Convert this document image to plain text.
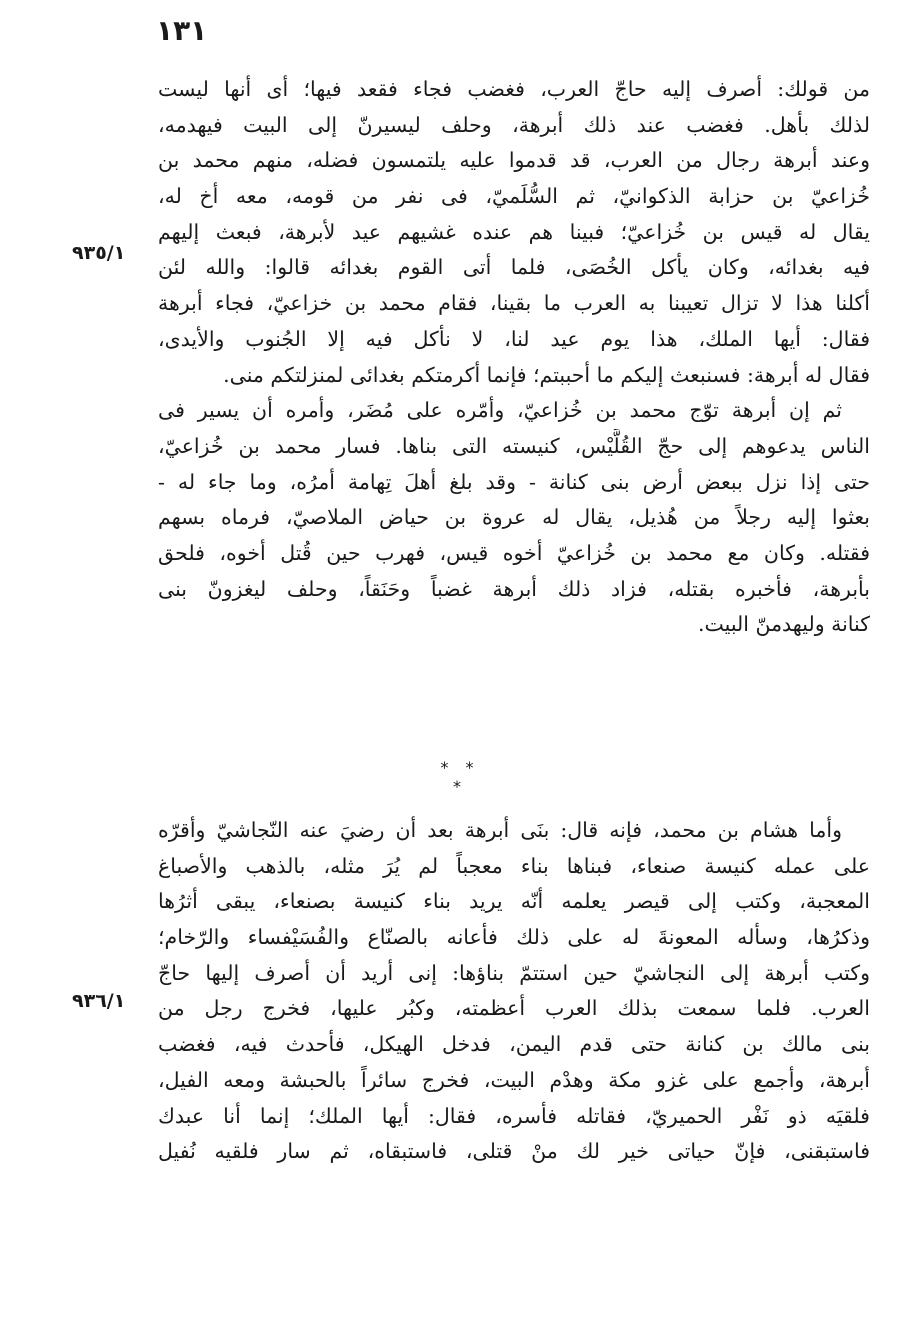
١٣١
٩٣٥/١
٩٣٦/١
من قولك: أصرف إليه حاجّ العرب، فغضب فجاء فقعد فيها؛ أى أنها ليست
لذلك بأهل. فغضب عند ذلك أبرهة، وحلف ليسيرنّ إلى البيت فيهدمه،
وعند أبرهة رجال من العرب، قد قدموا عليه يلتمسون فضله، منهم محمد بن
خُزاعيّ بن حزابة الذكوانيّ، ثم السُّلَميّ، فى نفر من قومه، معه أخ له،
يقال له قيس بن خُزاعيّ؛ فبينا هم عنده غشيهم عيد لأبرهة، فبعث إليهم
فيه بغدائه، وكان يأكل الخُصَى، فلما أتى القوم بغدائه قالوا: والله لئن
أكلنا هذا لا تزال تعيبنا به العرب ما بقينا، فقام محمد بن خزاعيّ، فجاء أبرهة
فقال: أيها الملك، هذا يوم عيد لنا، لا نأكل فيه إلا الجُنوب والأيدى،
فقال له أبرهة: فسنبعث إليكم ما أحببتم؛ فإنما أكرمتكم بغدائى لمنزلتكم منى.
ثم إن أبرهة توّج محمد بن خُزاعيّ، وأمّره على مُضَر، وأمره أن يسير فى
الناس يدعوهم إلى حجّ القُلَّيْس، كنيسته التى بناها. فسار محمد بن خُزاعيّ،
حتى إذا نزل ببعض أرض بنى كنانة - وقد بلغ أهلَ تِهامة أمرُه، وما جاء له -
بعثوا إليه رجلاً من هُذيل، يقال له عروة بن حياض الملاصيّ، فرماه بسهم
فقتله. وكان مع محمد بن خُزاعيّ أخوه قيس، فهرب حين قُتل أخوه، فلحق
بأبرهة، فأخبره بقتله، فزاد ذلك أبرهة غضباً وحَنَقاً، وحلف ليغزونّ بنى
كنانة وليهدمنّ البيت.
* * *
وأما هشام بن محمد، فإنه قال: بنَى أبرهة بعد أن رضيَ عنه النّجاشيّ وأقرّه
على عمله كنيسة صنعاء، فبناها بناء معجباً لم يُرَ مثله، بالذهب والأصباغ
المعجبة، وكتب إلى قيصر يعلمه أنّه يريد بناء كنيسة بصنعاء، يبقى أثرُها
وذكرُها، وسأله المعونةَ له على ذلك فأعانه بالصنّاع والفُسَيْفساء والرّخام؛
وكتب أبرهة إلى النجاشيّ حين استتمّ بناؤها: إنى أريد أن أصرف إليها حاجّ
العرب. فلما سمعت بذلك العرب أعظمته، وكبُر عليها، فخرج رجل من
بنى مالك بن كنانة حتى قدم اليمن، فدخل الهيكل، فأحدث فيه، فغضب
أبرهة، وأجمع على غزو مكة وهدْم البيت، فخرج سائراً بالحبشة ومعه الفيل،
فلقيَه ذو نَفْر الحميريّ، فقاتله فأسره، فقال: أيها الملك؛ إنما أنا عبدك
فاستبقنى، فإنّ حياتى خير لك منْ قتلى، فاستبقاه، ثم سار فلقيه نُفيل
